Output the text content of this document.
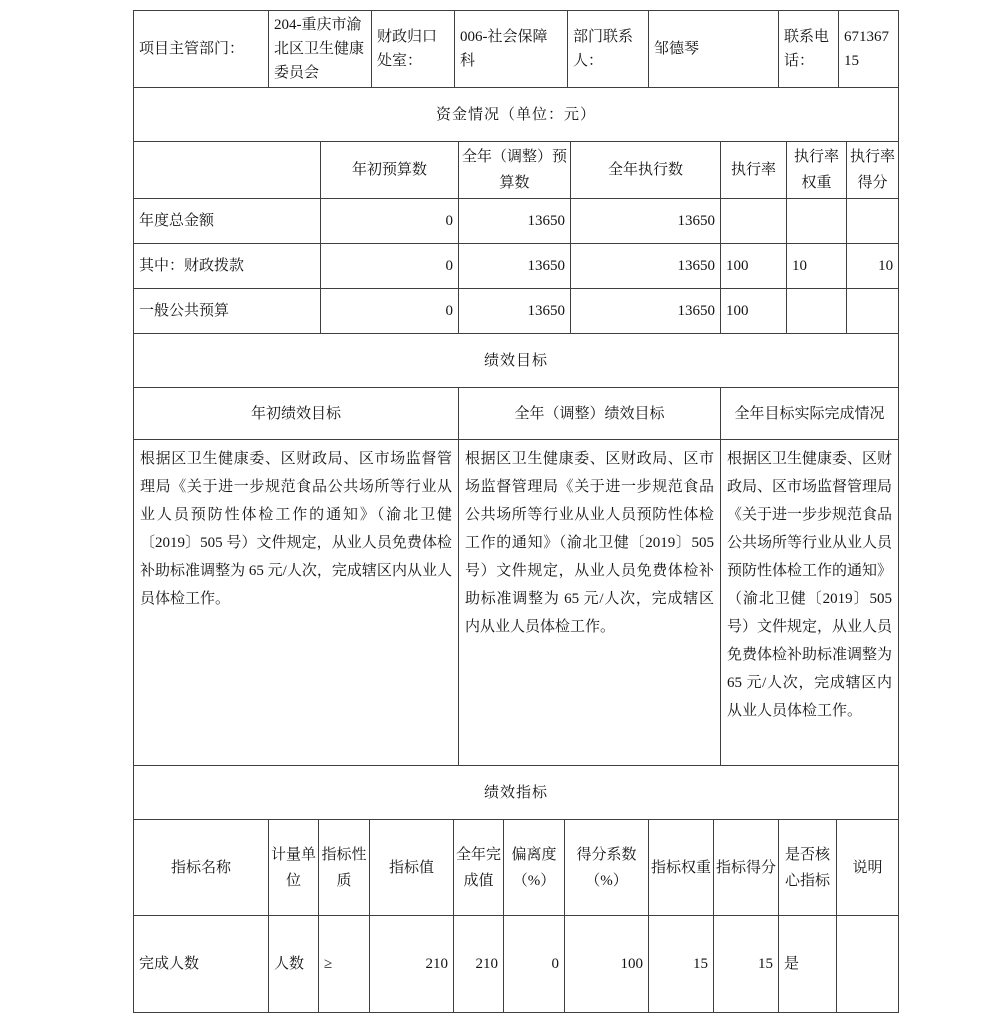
项目主管部门：	204-重庆市渝北区卫生健康委员会	财政归口处室：	006-社会保障科	部门联系人：	邹德琴	联系电话：	67136715
资金情况（单位：元）						
	年初预算数	全年（调整）预算数	全年执行数	执行率	执行率权重	执行率得分
年度总金额	0	13650	13650			
其中：财政拨款	0	13650	13650	100	10	10
一般公共预算	0	13650	13650	100		
绩效目标		
年初绩效目标	全年（调整）绩效目标	全年目标实际完成情况
根据区卫生健康委、区财政局、区市场监督管理局《关于进一步规范食品公共场所等行业从业人员预防性体检工作的通知》（渝北卫健〔2019〕505 号）文件规定，从业人员免费体检补助标准调整为 65 元/人次，完成辖区内从业人员体检工作。	根据区卫生健康委、区财政局、区市场监督管理局《关于进一步规范食品公共场所等行业从业人员预防性体检工作的通知》（渝北卫健〔2019〕505 号）文件规定，从业人员免费体检补助标准调整为 65 元/人次，完成辖区内从业人员体检工作。	根据区卫生健康委、区财政局、区市场监督管理局《关于进一步步规范食品公共场所等行业从业人员预防性体检工作的通知》（渝北卫健〔2019〕505 号）文件规定，从业人员免费体检补助标准调整为 65 元/人次，完成辖区内从业人员体检工作。
绩效指标										
指标名称	计量单位	指标性质	指标值	全年完成值	偏离度（%）	得分系数（%）	指标权重	指标得分	是否核心指标	说明
完成人数	人数	≥	210	210	0	100	15	15	是	
